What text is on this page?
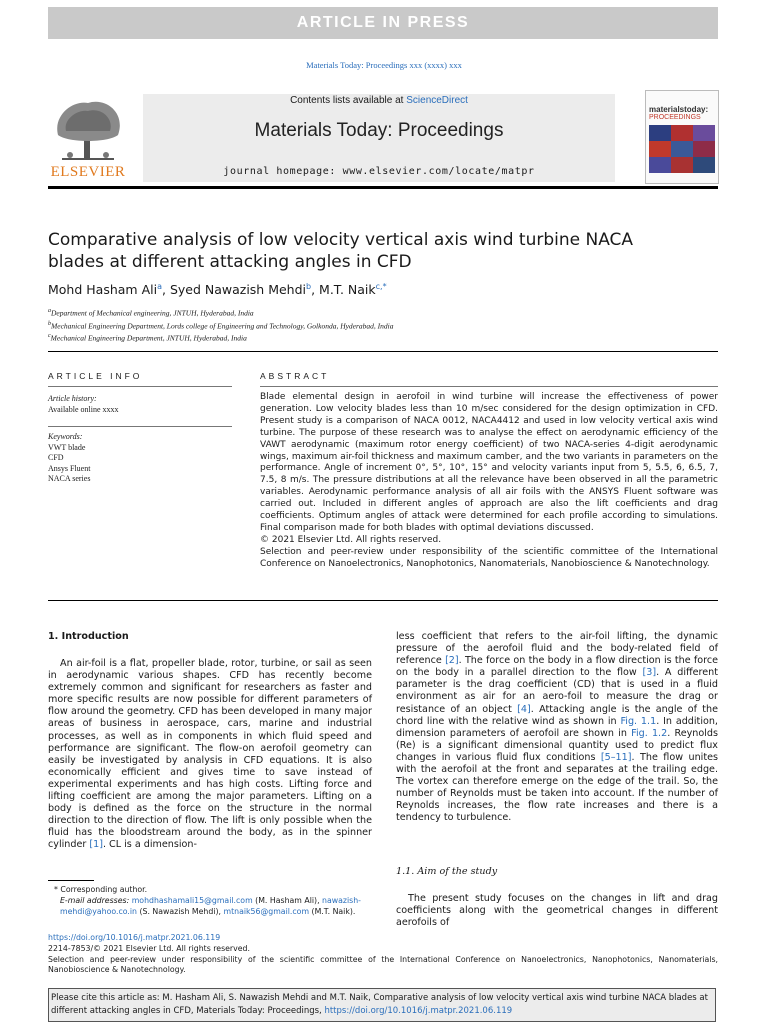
ARTICLE IN PRESS
Materials Today: Proceedings xxx (xxxx) xxx
ELSEVIER
Contents lists available at ScienceDirect
Materials Today: Proceedings
journal homepage: www.elsevier.com/locate/matpr
materialstoday:
PROCEEDINGS
Comparative analysis of low velocity vertical axis wind turbine NACA blades at different attacking angles in CFD
Mohd Hasham Ali$^a$, Syed Nawazish Mehdi$^b$, M.T. Naik$^{c,*}$
$^a$Department of Mechanical engineering, JNTUH, Hyderabad, India
$^b$Mechanical Engineering Department, Lords college of Engineering and Technology, Golkonda, Hyderabad, India
$^c$Mechanical Engineering Department, JNTUH, Hyderabad, India
ARTICLE INFO
Article history:
Available online xxxx
Keywords:
VWT blade
CFD
Ansys Fluent
NACA series
ABSTRACT

Blade elemental design in aerofoil in wind turbine will increase the effectiveness of power generation. Low velocity blades less than 10 m/sec considered for the design optimization in CFD. Present study is a comparison of NACA 0012, NACA4412 and used in low velocity vertical axis wind turbine. The purpose of these research was to analyse the effect on aerodynamic efficiency of the VAWT aerodynamic (maximum rotor energy coefficient) of two NACA-series 4-digit aerodynamic wings, maximum air-foil thickness and maximum camber, and the two variants in parameters on the performance. Angle of increment 0°, 5°, 10°, 15° and velocity variants input from 5, 5.5, 6, 6.5, 7, 7.5, 8 m/s. The pressure distributions at all the relevance have been observed in all the parametric variables. Aerodynamic performance analysis of all air foils with the ANSYS Fluent software was carried out. Included in different angles of approach are also the lift coefficients and drag coefficients. Optimum angles of attack were determined for each profile according to simulations. Final comparison made for both blades with optimal deviations discussed.

© 2021 Elsevier Ltd. All rights reserved.

Selection and peer-review under responsibility of the scientific committee of the International Conference on Nanoelectronics, Nanophotonics, Nanomaterials, Nanobioscience & Nanotechnology.

1. Introduction

An air-foil is a flat, propeller blade, rotor, turbine, or sail as seen in aerodynamic various shapes. CFD has recently become extremely common and significant for researchers as faster and more specific results are now possible for different parameters of flow around the geometry. CFD has been developed in many major areas of business in aerospace, cars, marine and industrial processes, as well as in components in which fluid speed and performance are significant. The flow-on aerofoil geometry can easily be investigated by analysis in CFD equations. It is also economically efficient and gives time to save instead of experimental experiments and has high costs. Lifting force and lifting coefficient are among the major parameters. Lifting on a body is defined as the force on the structure in the normal direction to the direction of flow. The lift is only possible when the fluid has the bloodstream around the body, as in the spinner cylinder [1]. CL is a dimension-

less coefficient that refers to the air-foil lifting, the dynamic pressure of the aerofoil fluid and the body-related field of reference [2]. The force on the body in a flow direction is the force on the body in a parallel direction to the flow [3]. A different parameter is the drag coefficient (CD) that is used in a fluid environment as air for an aero-foil to measure the drag or resistance of an object [4]. Attacking angle is the angle of the chord line with the relative wind as shown in Fig. 1.1. In addition, dimension parameters of aerofoil are shown in Fig. 1.2. Reynolds (Re) is a significant dimensional quantity used to predict flux changes in various fluid flux conditions [5–11]. The flow unites with the aerofoil at the front and separates at the trailing edge. The vortex can therefore emerge on the edge of the trail. So, the number of Reynolds must be taken into account. If the number of Reynolds increases, the flow rate increases and there is a tendency to turbulence.
1.1. Aim of the study

The present study focuses on the changes in lift and drag coefficients along with the geometrical changes in different aerofoils of

* Corresponding author.
E-mail addresses: mohdhashamali15@gmail.com (M. Hasham Ali), nawazish-mehdi@yahoo.co.in (S. Nawazish Mehdi), mtnaik56@gmail.com (M.T. Naik).
https://doi.org/10.1016/j.matpr.2021.06.119
2214-7853/© 2021 Elsevier Ltd. All rights reserved.
Selection and peer-review under responsibility of the scientific committee of the International Conference on Nanoelectronics, Nanophotonics, Nanomaterials, Nanobioscience & Nanotechnology.
Please cite this article as: M. Hasham Ali, S. Nawazish Mehdi and M.T. Naik, Comparative analysis of low velocity vertical axis wind turbine NACA blades at different attacking angles in CFD, Materials Today: Proceedings, https://doi.org/10.1016/j.matpr.2021.06.119
